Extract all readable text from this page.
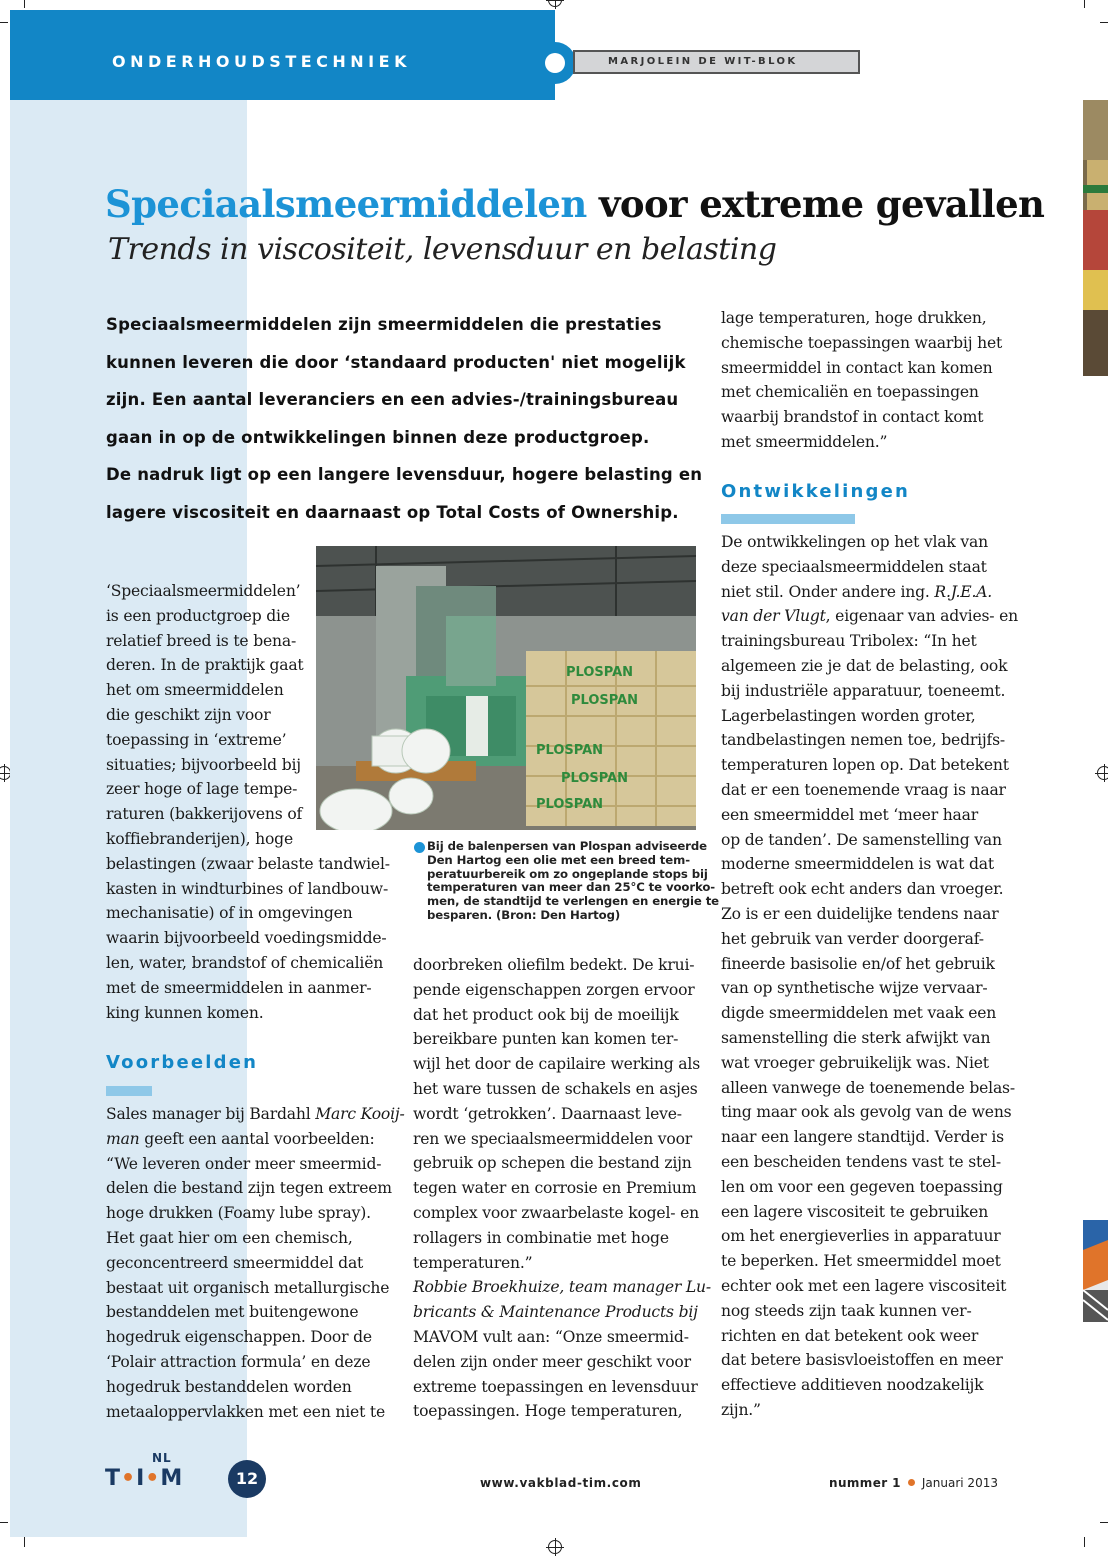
ONDERHOUDSTECHNIEK	MARJOLEIN DE WIT-BLOK
Speciaalsmeermiddelen voor extreme gevallen
Trends in viscositeit, levensduur en belasting
Speciaalsmeermiddelen zijn smeermiddelen die prestaties
kunnen leveren die door ‘standaard producten' niet mogelijk
zijn. Een aantal leveranciers en een advies-/trainingsbureau
gaan in op de ontwikkelingen binnen deze productgroep.
De nadruk ligt op een langere levensduur, hogere belasting en
lagere viscositeit en daarnaast op Total Costs of Ownership.
‘Speciaalsmeermiddelen’
is een productgroep die
relatief breed is te bena-
deren. In de praktijk gaat
het om smeermiddelen
die geschikt zijn voor
toepassing in ‘extreme’
situaties; bijvoorbeeld bij
zeer hoge of lage tempe-
raturen (bakkerijovens of
koffiebranderijen), hoge
belastingen (zwaar belaste tandwiel-
kasten in windturbines of landbouw-
mechanisatie) of in omgevingen
waarin bijvoorbeeld voedingsmidde-
len, water, brandstof of chemicaliën
met de smeermiddelen in aanmer-
king kunnen komen.
Voorbeelden
Sales manager bij Bardahl Marc Kooij-
man geeft een aantal voorbeelden:
“We leveren onder meer smeermid-
delen die bestand zijn tegen extreem
hoge drukken (Foamy lube spray).
Het gaat hier om een chemisch,
geconcentreerd smeermiddel dat
bestaat uit organisch metallurgische
bestanddelen met buitengewone
hogedruk eigenschappen. Door de
‘Polair attraction formula’ en deze
hogedruk bestanddelen worden
metaaloppervlakken met een niet te
PLOSPAN
PLOSPAN
PLOSPAN
PLOSPAN
PLOSPAN
Bij de balenpersen van Plospan adviseerde
Den Hartog een olie met een breed tem-
peratuurbereik om zo ongeplande stops bij
temperaturen van meer dan 25°C te voorko-
men, de standtijd te verlengen en energie te
besparen. (Bron: Den Hartog)
doorbreken oliefilm bedekt. De krui-
pende eigenschappen zorgen ervoor
dat het product ook bij de moeilijk
bereikbare punten kan komen ter-
wijl het door de capilaire werking als
het ware tussen de schakels en asjes
wordt ‘getrokken’. Daarnaast leve-
ren we speciaalsmeermiddelen voor
gebruik op schepen die bestand zijn
tegen water en corrosie en Premium
complex voor zwaarbelaste kogel- en
rollagers in combinatie met hoge
temperaturen.”
Robbie Broekhuize, team manager Lu-
bricants & Maintenance Products bij
MAVOM vult aan: “Onze smeermid-
delen zijn onder meer geschikt voor
extreme toepassingen en levensduur
toepassingen. Hoge temperaturen,
lage temperaturen, hoge drukken,
chemische toepassingen waarbij het
smeermiddel in contact kan komen
met chemicaliën en toepassingen
waarbij brandstof in contact komt
met smeermiddelen.”
Ontwikkelingen
De ontwikkelingen op het vlak van
deze speciaalsmeermiddelen staat
niet stil. Onder andere ing. R.J.E.A.
van der Vlugt, eigenaar van advies- en
trainingsbureau Tribolex: “In het
algemeen zie je dat de belasting, ook
bij industriële apparatuur, toeneemt.
Lagerbelastingen worden groter,
tandbelastingen nemen toe, bedrijfs-
temperaturen lopen op. Dat betekent
dat er een toenemende vraag is naar
een smeermiddel met ‘meer haar
op de tanden’. De samenstelling van
moderne smeermiddelen is wat dat
betreft ook echt anders dan vroeger.
Zo is er een duidelijke tendens naar
het gebruik van verder doorgeraf-
fineerde basisolie en/of het gebruik
van op synthetische wijze vervaar-
digde smeermiddelen met vaak een
samenstelling die sterk afwijkt van
wat vroeger gebruikelijk was. Niet
alleen vanwege de toenemende belas-
ting maar ook als gevolg van de wens
naar een langere standtijd. Verder is
een bescheiden tendens vast te stel-
len om voor een gegeven toepassing
een lagere viscositeit te gebruiken
om het energieverlies in apparatuur
te beperken. Het smeermiddel moet
echter ook met een lagere viscositeit
nog steeds zijn taak kunnen ver-
richten en dat betekent ook weer
dat betere basisvloeistoffen en meer
effectieve additieven noodzakelijk
zijn.”
NL
T•I•M	12	www.vakblad-tim.com	nummer 1 Januari 2013
